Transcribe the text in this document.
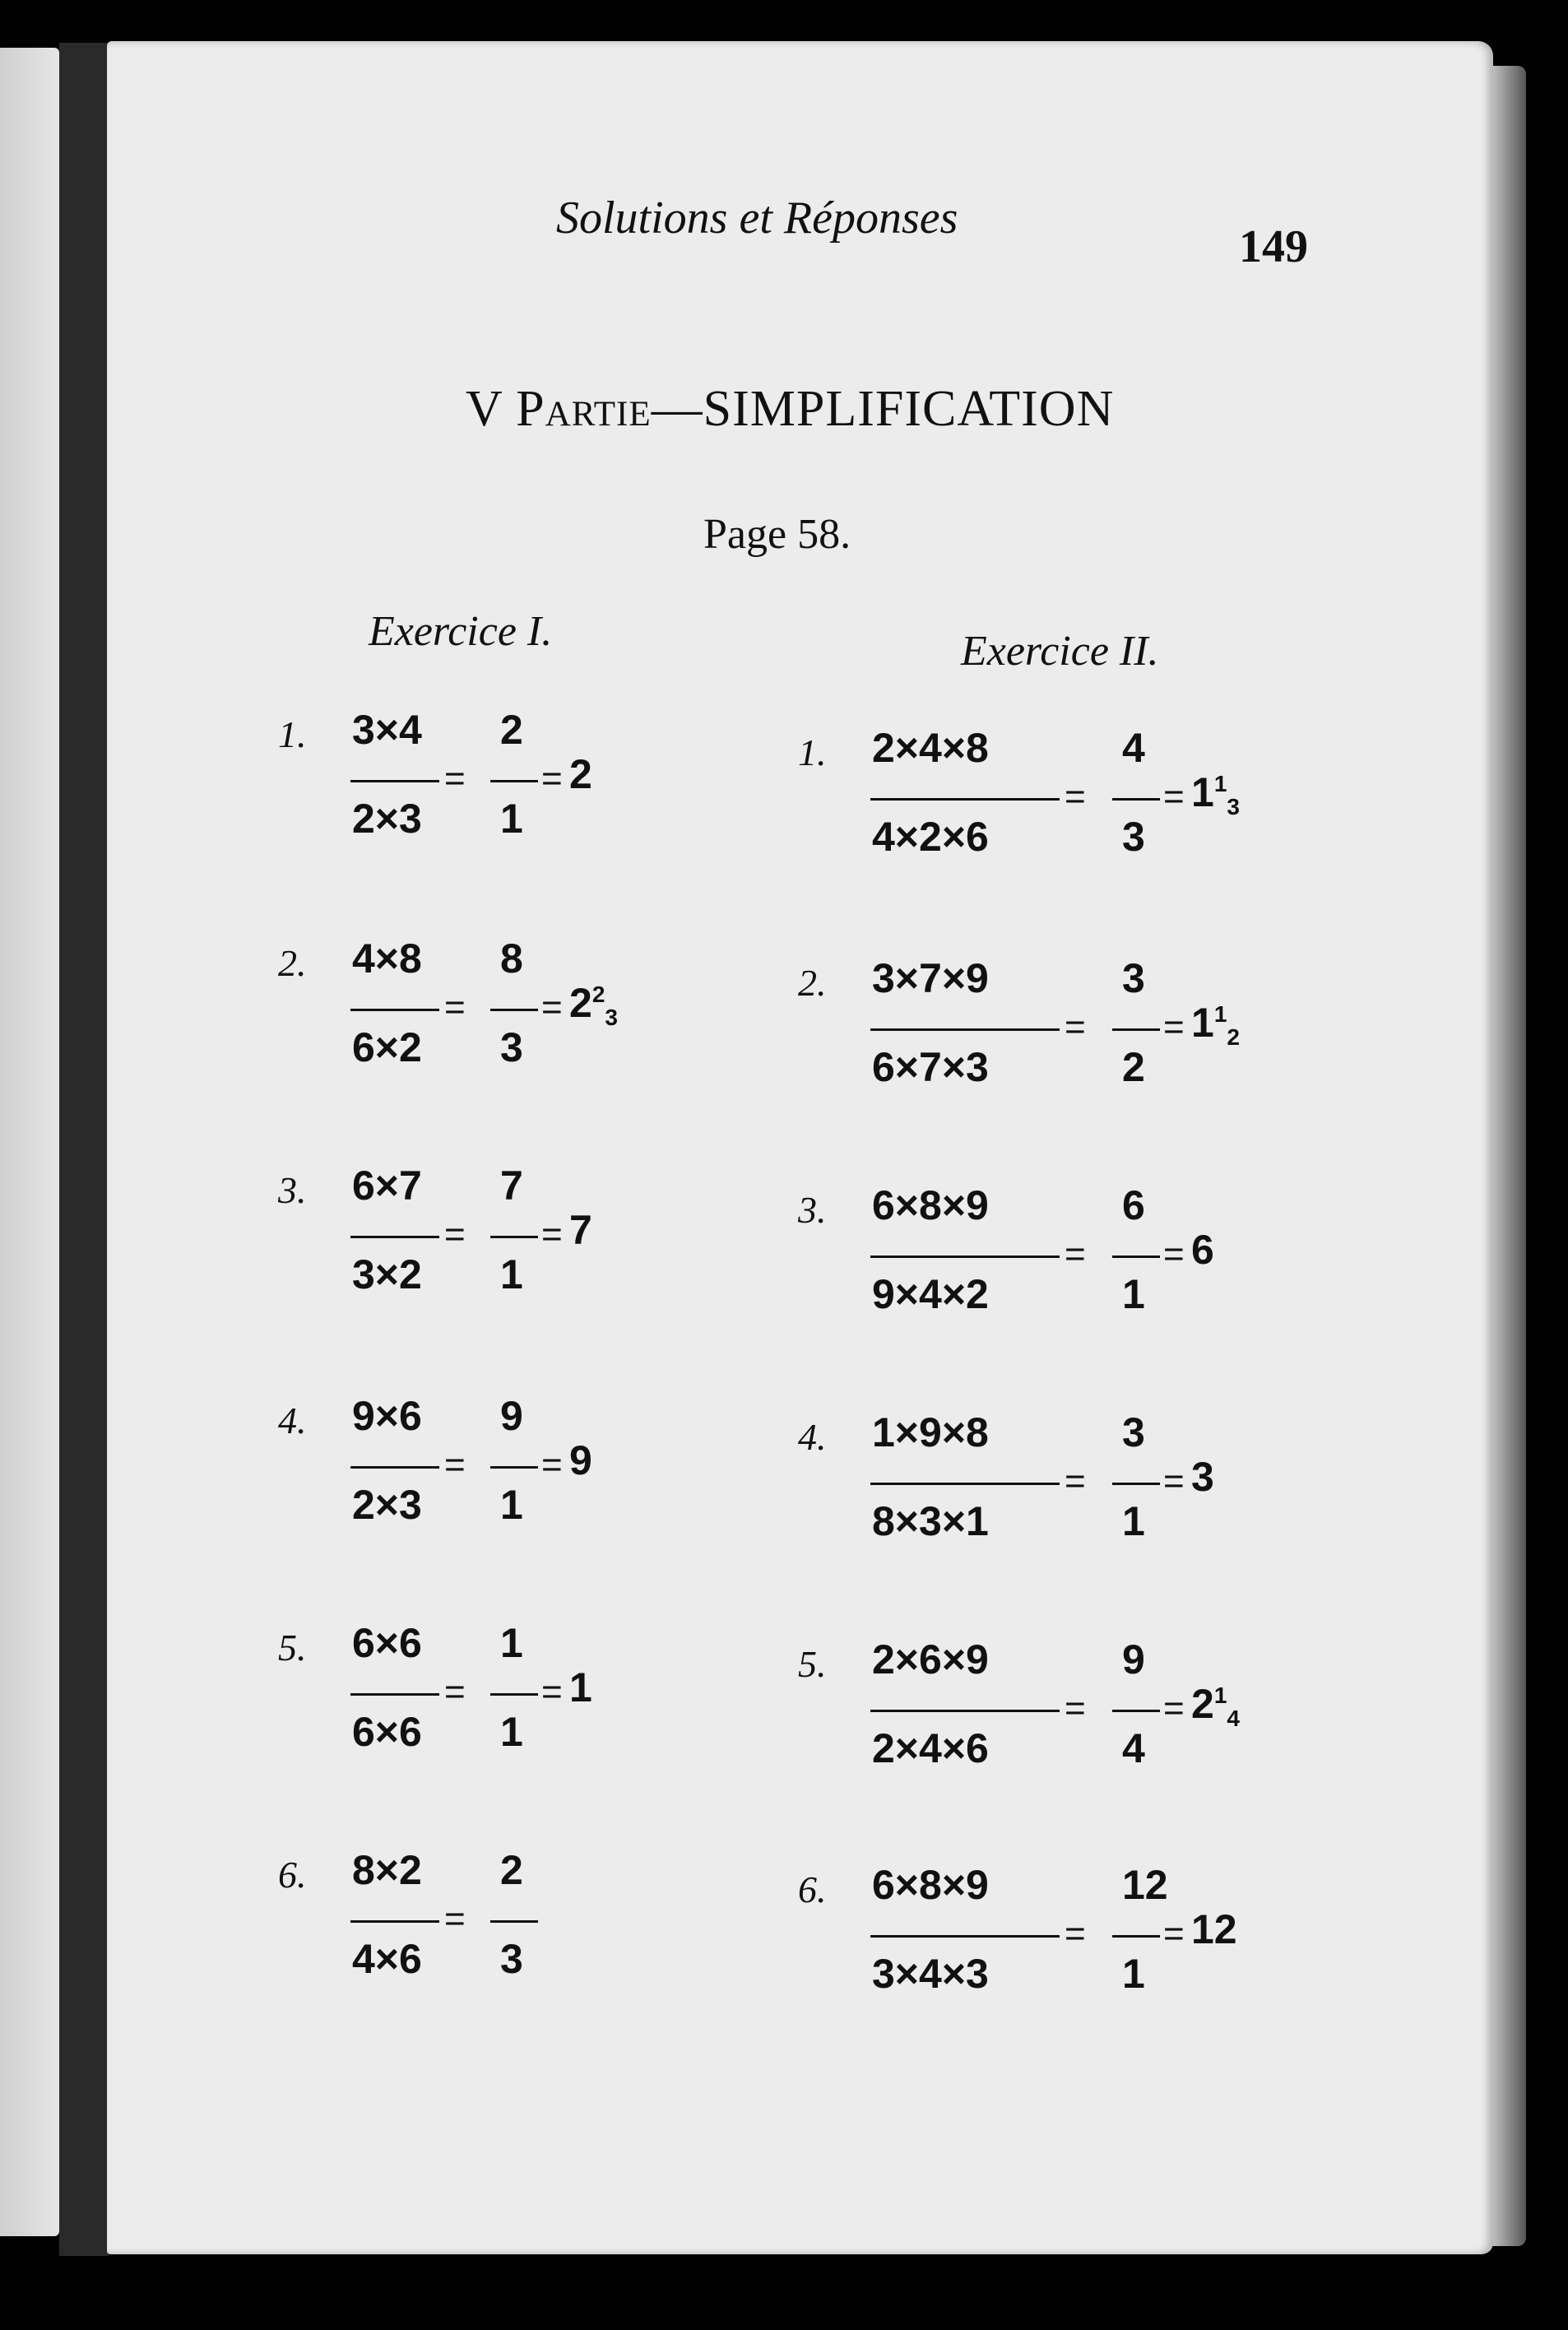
Solutions et Réponses
149
V Partie—SIMPLIFICATION
Page 58.
Exercice I.	Exercice II.
1. 3×4
2×3
=
2
1
= 2
2. 4×8
6×2
=
8
3
= $2^2_3$
3. 6×7
3×2
=
7
1
= 7
4. 9×6
2×3
=
9
1
= 9
5. 6×6
6×6
=
1
1
= 1
6. 8×2
4×6
=
2
3
1. 2×4×8
4×2×6
=
4
3
= $1^1_3$
2. 3×7×9
6×7×3
=
3
2
= $1^1_2$
3. 6×8×9
9×4×2
=
6
1
= 6
4. 1×9×8
8×3×1
=
3
1
= 3
5. 2×6×9
2×4×6
=
9
4
= $2^1_4$
6. 6×8×9
3×4×3
=
12
1
= 12
